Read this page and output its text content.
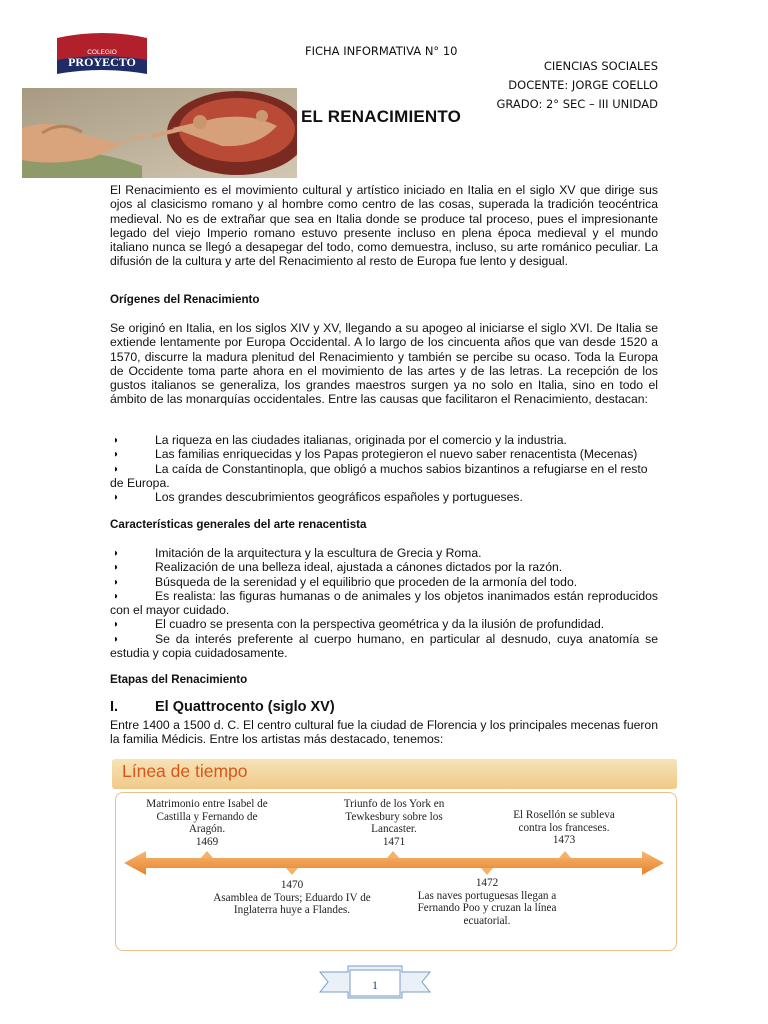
COLEGIO
PROYECTO
FICHA INFORMATIVA N° 10
CIENCIAS SOCIALES
DOCENTE: JORGE COELLO
GRADO: 2° SEC – III UNIDAD
EL RENACIMIENTO
El Renacimiento es el movimiento cultural y artístico iniciado en Italia en el siglo XV que dirige sus ojos al clasicismo romano y al hombre como centro de las cosas, superada la tradición teocéntrica medieval. No es de extrañar que sea en Italia donde se produce tal proceso, pues el impresionante legado del viejo Imperio romano estuvo presente incluso en plena época medieval y el mundo italiano nunca se llegó a desapegar del todo, como demuestra, incluso, su arte románico peculiar. La difusión de la cultura y arte del Renacimiento al resto de Europa fue lento y desigual.
Orígenes del Renacimiento
Se originó en Italia, en los siglos XIV y XV, llegando a su apogeo al iniciarse el siglo XVI. De Italia se extiende lentamente por Europa Occidental. A lo largo de los cincuenta años que van desde 1520 a 1570, discurre la madura plenitud del Renacimiento y también se percibe su ocaso. Toda la Europa de Occidente toma parte ahora en el movimiento de las artes y de las letras. La recepción de los gustos italianos se generaliza, los grandes maestros surgen ya no solo en Italia, sino en todo el ámbito de las monarquías occidentales. Entre las causas que facilitaron el Renacimiento, destacan:
◗	La riqueza en las ciudades italianas, originada por el comercio y la industria.
◗	Las familias enriquecidas y los Papas protegieron el nuevo saber renacentista (Mecenas)
◗	La caída de Constantinopla, que obligó a muchos sabios bizantinos a refugiarse en el resto de Europa.
◗	Los grandes descubrimientos geográficos españoles y portugueses.
Características generales del arte renacentista
◗	Imitación de la arquitectura y la escultura de Grecia y Roma.
◗	Realización de una belleza ideal, ajustada a cánones dictados por la razón.
◗	Búsqueda de la serenidad y el equilibrio que proceden de la armonía del todo.
◗	Es realista: las figuras humanas o de animales y los objetos inanimados están reproducidos con el mayor cuidado.
◗	El cuadro se presenta con la perspectiva geométrica y da la ilusión de profundidad.
◗	Se da interés preferente al cuerpo humano, en particular al desnudo, cuya anatomía se estudia y copia cuidadosamente.
Etapas del Renacimiento
I.	El Quattrocento (siglo XV)
Entre 1400 a 1500 d. C. El centro cultural fue la ciudad de Florencia y los principales mecenas fueron la familia Médicis. Entre los artistas más destacado, tenemos:
Línea de tiempo
Matrimonio entre Isabel de Castilla y Fernando de Aragón.
1469
Triunfo de los York en Tewkesbury sobre los Lancaster.
1471
El Rosellón se subleva contra los franceses.
1473
1470
Asamblea de Tours; Eduardo IV de Inglaterra huye a Flandes.
1472
Las naves portuguesas llegan a Fernando Poo y cruzan la línea ecuatorial.
1
